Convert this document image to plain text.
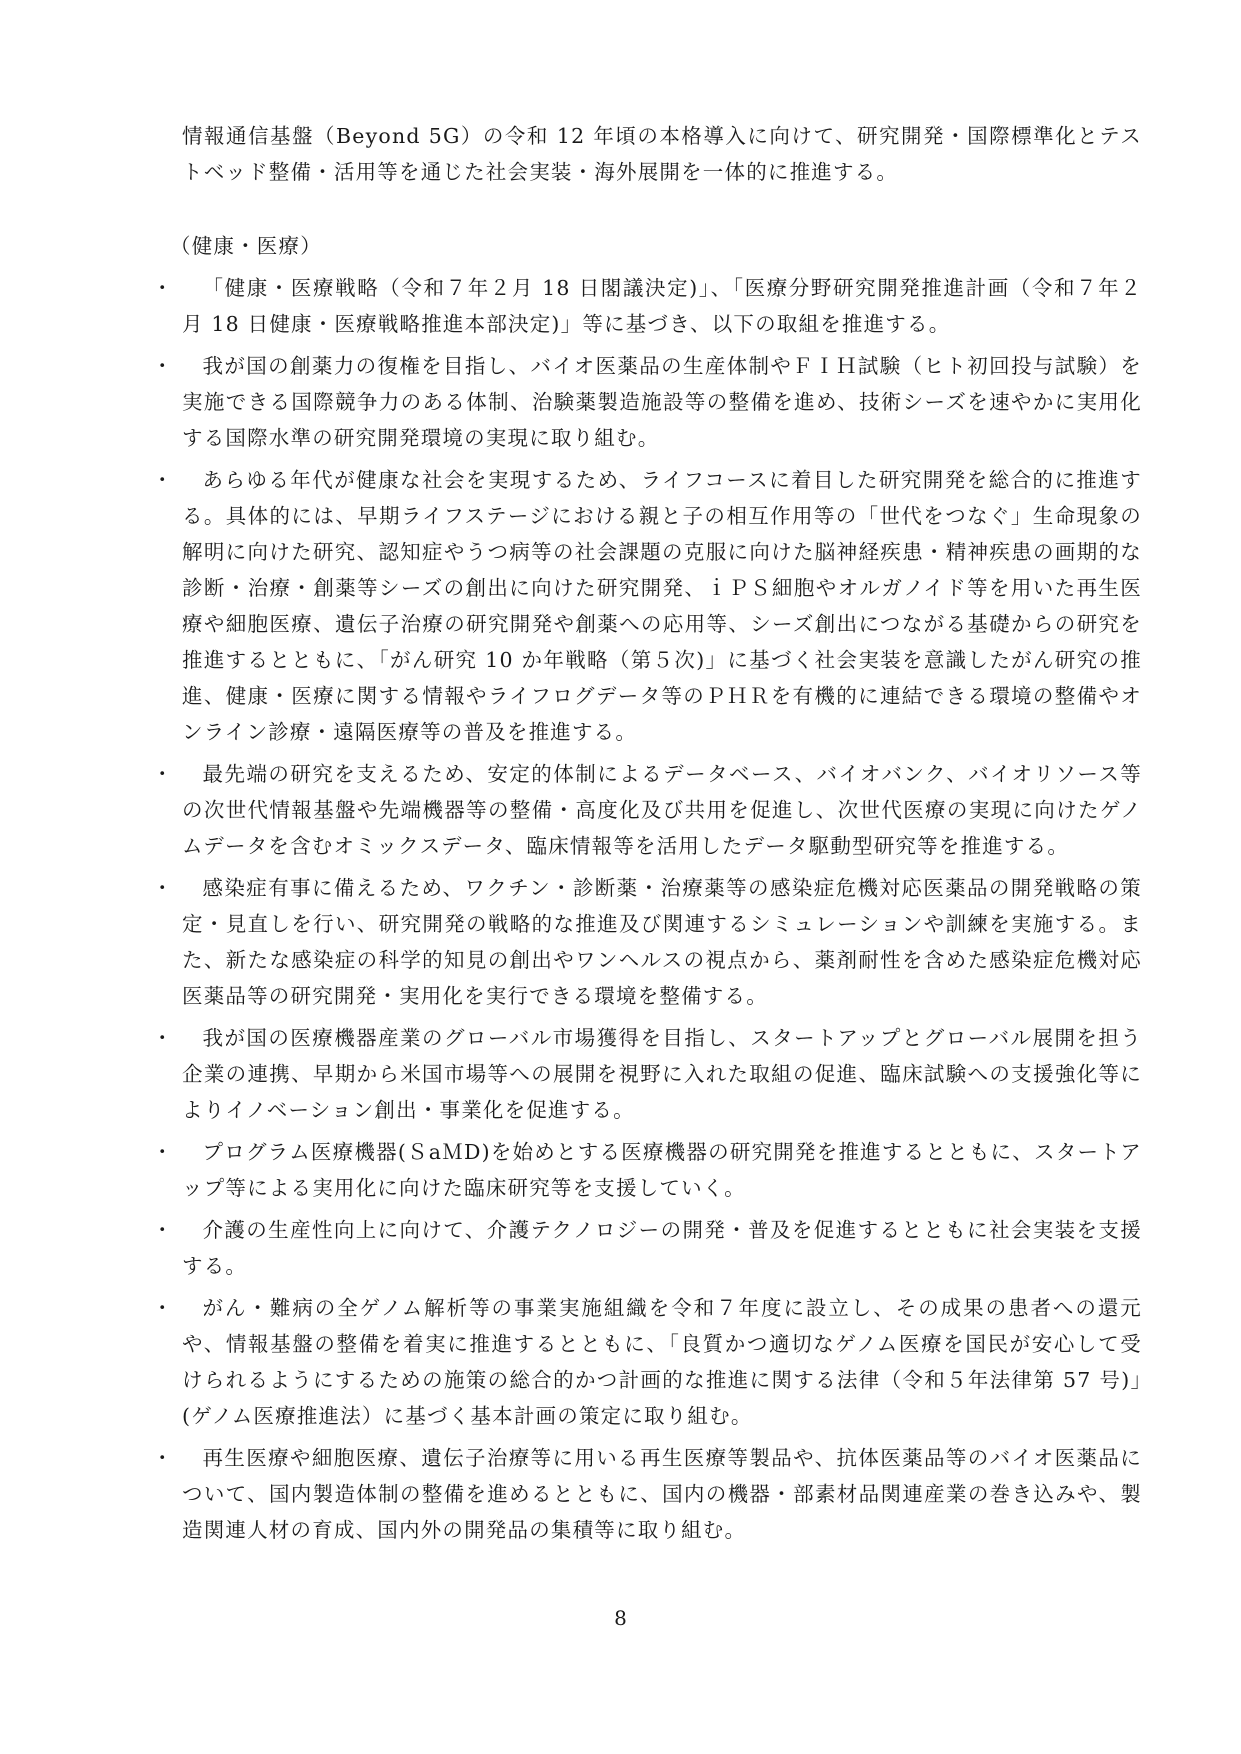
情報通信基盤（Beyond 5G）の令和 12 年頃の本格導入に向けて、研究開発・国際標準化とテストベッド整備・活用等を通じた社会実装・海外展開を一体的に推進する。

（健康・医療）
・	「健康・医療戦略（令和７年２月 18 日閣議決定)」、「医療分野研究開発推進計画（令和７年２月 18 日健康・医療戦略推進本部決定)」等に基づき、以下の取組を推進する。
・	我が国の創薬力の復権を目指し、バイオ医薬品の生産体制やＦＩＨ試験（ヒト初回投与試験）を実施できる国際競争力のある体制、治験薬製造施設等の整備を進め、技術シーズを速やかに実用化する国際水準の研究開発環境の実現に取り組む。
・	あらゆる年代が健康な社会を実現するため、ライフコースに着目した研究開発を総合的に推進する。具体的には、早期ライフステージにおける親と子の相互作用等の「世代をつなぐ」生命現象の解明に向けた研究、認知症やうつ病等の社会課題の克服に向けた脳神経疾患・精神疾患の画期的な診断・治療・創薬等シーズの創出に向けた研究開発、ｉＰＳ細胞やオルガノイド等を用いた再生医療や細胞医療、遺伝子治療の研究開発や創薬への応用等、シーズ創出につながる基礎からの研究を推進するとともに、「がん研究 10 か年戦略（第５次)」に基づく社会実装を意識したがん研究の推進、健康・医療に関する情報やライフログデータ等のＰＨＲを有機的に連結できる環境の整備やオンライン診療・遠隔医療等の普及を推進する。
・	最先端の研究を支えるため、安定的体制によるデータベース、バイオバンク、バイオリソース等の次世代情報基盤や先端機器等の整備・高度化及び共用を促進し、次世代医療の実現に向けたゲノムデータを含むオミックスデータ、臨床情報等を活用したデータ駆動型研究等を推進する。
・	感染症有事に備えるため、ワクチン・診断薬・治療薬等の感染症危機対応医薬品の開発戦略の策定・見直しを行い、研究開発の戦略的な推進及び関連するシミュレーションや訓練を実施する。また、新たな感染症の科学的知見の創出やワンヘルスの視点から、薬剤耐性を含めた感染症危機対応医薬品等の研究開発・実用化を実行できる環境を整備する。
・	我が国の医療機器産業のグローバル市場獲得を目指し、スタートアップとグローバル展開を担う企業の連携、早期から米国市場等への展開を視野に入れた取組の促進、臨床試験への支援強化等によりイノベーション創出・事業化を促進する。
・	プログラム医療機器(ＳaＭD)を始めとする医療機器の研究開発を推進するとともに、スタートアップ等による実用化に向けた臨床研究等を支援していく。
・	介護の生産性向上に向けて、介護テクノロジーの開発・普及を促進するとともに社会実装を支援する。
・	がん・難病の全ゲノム解析等の事業実施組織を令和７年度に設立し、その成果の患者への還元や、情報基盤の整備を着実に推進するとともに、「良質かつ適切なゲノム医療を国民が安心して受けられるようにするための施策の総合的かつ計画的な推進に関する法律（令和５年法律第 57 号)」(ゲノム医療推進法）に基づく基本計画の策定に取り組む。
・	再生医療や細胞医療、遺伝子治療等に用いる再生医療等製品や、抗体医薬品等のバイオ医薬品について、国内製造体制の整備を進めるとともに、国内の機器・部素材品関連産業の巻き込みや、製造関連人材の育成、国内外の開発品の集積等に取り組む。
8
